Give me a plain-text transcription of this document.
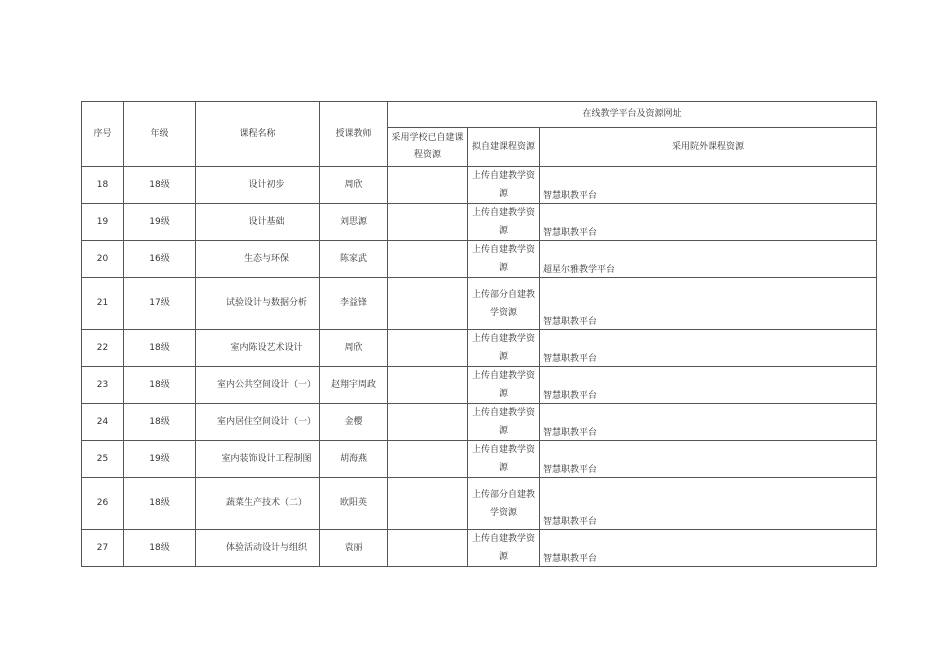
序号	年级	课程名称	授课教师	在线教学平台及资源网址		
				采用学校已自建课程资源	拟自建课程资源	采用院外课程资源
18	18级	设计初步	周欣		上传自建教学资源	智慧职教平台
19	19级	设计基础	刘思源		上传自建教学资源	智慧职教平台
20	16级	生态与环保	陈家武		上传自建教学资源	超星尔雅教学平台
21	17级	试验设计与数据分析	李益锋		上传部分自建教学资源	智慧职教平台
22	18级	室内陈设艺术设计	周欣		上传自建教学资源	智慧职教平台
23	18级	室内公共空间设计（一）	赵翔宇周政		上传自建教学资源	智慧职教平台
24	18级	室内居住空间设计（一）	金樱		上传自建教学资源	智慧职教平台
25	19级	室内装饰设计工程制图	胡海燕		上传自建教学资源	智慧职教平台
26	18级	蔬菜生产技术（二）	欧阳英		上传部分自建教学资源	智慧职教平台
27	18级	体验活动设计与组织	袁丽		上传自建教学资源	智慧职教平台
